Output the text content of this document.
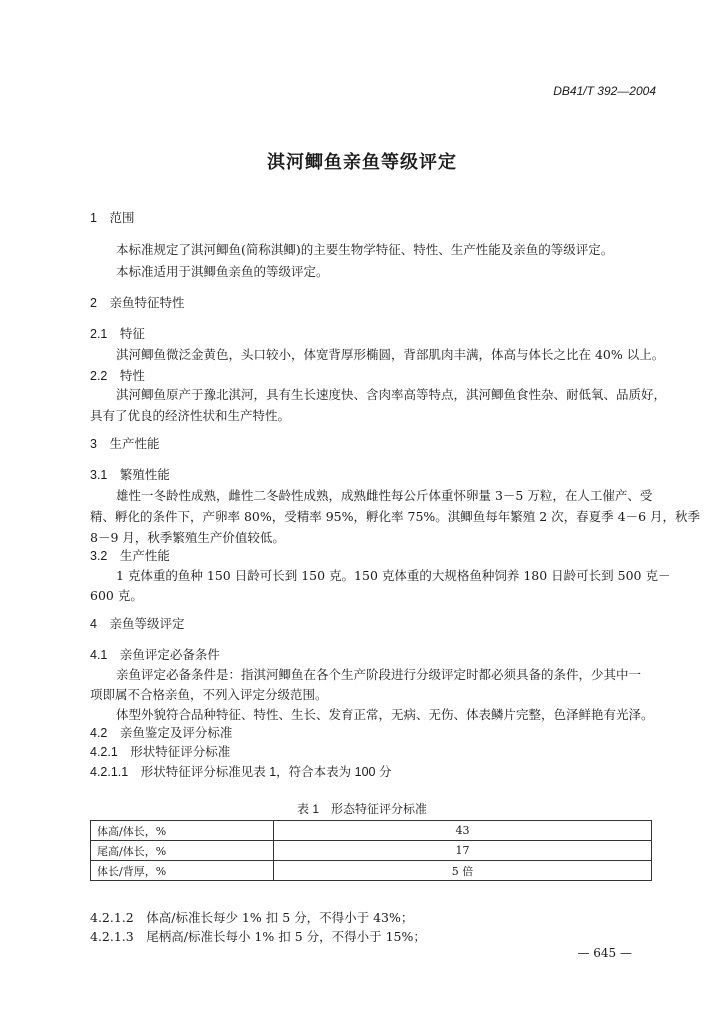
DB41/T 392—2004
淇河鲫鱼亲鱼等级评定
1　范围
本标准规定了淇河鲫鱼(简称淇鲫)的主要生物学特征、特性、生产性能及亲鱼的等级评定。
本标准适用于淇鲫鱼亲鱼的等级评定。
2　亲鱼特征特性
2.1　特征
淇河鲫鱼微泛金黄色，头口较小，体宽背厚形椭圆，背部肌肉丰满，体高与体长之比在 40% 以上。
2.2　特性
淇河鲫鱼原产于豫北淇河，具有生长速度快、含肉率高等特点，淇河鲫鱼食性杂、耐低氧、品质好，
具有了优良的经济性状和生产特性。
3　生产性能
3.1　繁殖性能
雄性一冬龄性成熟，雌性二冬龄性成熟，成熟雌性每公斤体重怀卵量 3－5 万粒，在人工催产、受
精、孵化的条件下，产卵率 80%，受精率 95%，孵化率 75%。淇鲫鱼每年繁殖 2 次，春夏季 4－6 月，秋季
8－9 月，秋季繁殖生产价值较低。
3.2　生产性能
1 克体重的鱼种 150 日龄可长到 150 克。150 克体重的大规格鱼种饲养 180 日龄可长到 500 克－
600 克。
4　亲鱼等级评定
4.1　亲鱼评定必备条件
亲鱼评定必备条件是：指淇河鲫鱼在各个生产阶段进行分级评定时都必须具备的条件，少其中一
项即属不合格亲鱼，不列入评定分级范围。
体型外貌符合品种特征、特性、生长、发育正常，无病、无伤、体表鳞片完整，色泽鲜艳有光泽。
4.2　亲鱼鉴定及评分标准
4.2.1　形状特征评分标准
4.2.1.1　形状特征评分标准见表 1，符合本表为 100 分
表 1　形态特征评分标准
体高/体长，%	43
尾高/体长，%	17
体长/背厚，%	5 倍
4.2.1.2　体高/标准长每少 1% 扣 5 分，不得小于 43%；
4.2.1.3　尾柄高/标准长每小 1% 扣 5 分，不得小于 15%；
— 645 —
